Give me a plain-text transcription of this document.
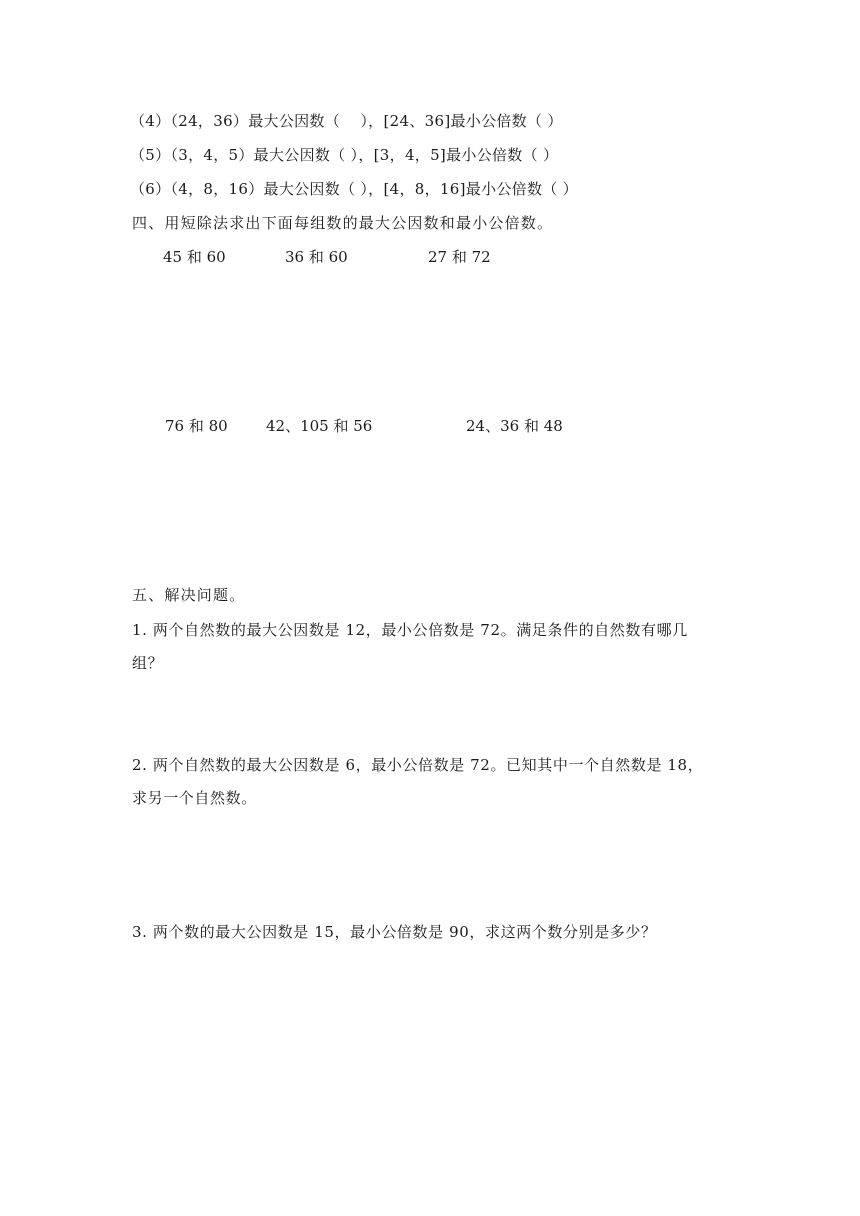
（4）（24，36）最大公因数（　 ），[24、36]最小公倍数（ ）
（5）（3，4，5）最大公因数（ ），[3，4，5]最小公倍数（ ）
（6）（4，8，16）最大公因数（ ），[4，8，16]最小公倍数（ ）
四、用短除法求出下面每组数的最大公因数和最小公倍数。
45 和 60	36 和 60	27 和 72
76 和 80	42、105 和 56	24、36 和 48
五、解决问题。
1. 两个自然数的最大公因数是 12，最小公倍数是 72。满足条件的自然数有哪几
组？
2. 两个自然数的最大公因数是 6，最小公倍数是 72。已知其中一个自然数是 18，
求另一个自然数。
3. 两个数的最大公因数是 15，最小公倍数是 90，求这两个数分别是多少？
